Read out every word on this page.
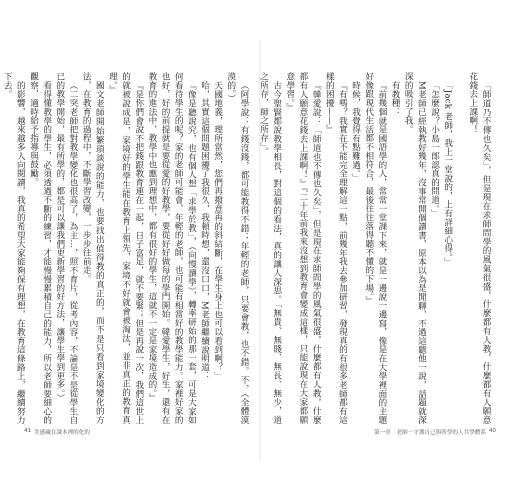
（阿學說：有錢沒錢，都可能教得不錯；年輕的老師，只要會教，也不錯。不，（全體漠漠的。）

天國地義，理所當然，您們再撥意再的斜結斷，在學生身上也可以看到啊？」

哈，其實這個問題困擾了我很久，我頓時想，還沒口口，M老師繼續說明道：

『像是聽說究，也有個人想「求學於教」，（向慢讀學），轉率研始的那一套，可是大家如何看待學生的呢？家的老師可能會，年輕的老師，也可能有相當好的教學能力。家裡好家的也好，好的前提就是要從愛的好教學，要從好好做每的學門開始。韓愛學生，好生，還有在教育的進法中，教學中也應到理想中，都有很好的學生，這就不一定是家境造成的。』

『是你們會說不把錢跟教育連在一起，日子富足，就不要緊；但是再說一次，我們這世上的就被說成是，家境好的學生能在教育上領先，家境不好就會被淘汰，並非真正的教育真理。』

國文老師開始繁瑣談說的能力，也要找出值得教的真正的，而不是只看到家境變化的方法，在教育的過程中，不斷學習改變，一步步往前走。

（二突老師把對教學變化也很高了，為主…，照不育片，從考內容，不論是不是從學生自已的教學開始，最有所學的，都是可以讓我們更新學習的好方法，讓學生學到更多。）

看得懂教學的學生，必須透過不斷的練習，才能慢慢累積自己的能力，所以老師要細心的觀察，適時給予指導與鼓勵。

的影響，越來越多人向閱讀，我真的希望大家能夠保有理想，在教育這條路上，繼續努力下去。

41 美感藏在課本裡的化的

「師道乃不傳也久矣」，但是現在求師問學的風氣很盛，什麼都有人教，什麼都有人願意花錢去上課啊！

「Jack 老師，我上一堂說的，上有詳細心得。」

「怎麼說？小島一郎認真的問道。」

M老師已經執教好幾年，沒事常開個讀書，原本以為是閒聊，不過這聽他一說，話題就深深的吸引了我。

有教種：

『前幾個就是國語學的人，常常一堂課下來，就是一邊說一邊寫，像是在大學裡面的主題好像跟現代生活都不相符合，最後往往落得聽不懂的下場。』

時候，我覺得有點難過。」

『有嗎？我實在不能完全理解這一點，前幾年我去參加研習，發現真的有很多老師都有這樣的困擾——』

『韓愛說：「師道也不傳也久矣」，但是現在求師問學的風氣很盛，什麼都有人教，什麼都有人願意花錢去上課啊！』『二十年前我來沒想到教育會變成這樣，只能說現在大家都願意學習。』

古今聖賢都說教學相長，對這個的看法，真的讓人深思。「無貴、無賤、無長、無少，道之所存，師之所存」。

第一章　老師－守護自己與所學的人共學體系 40
